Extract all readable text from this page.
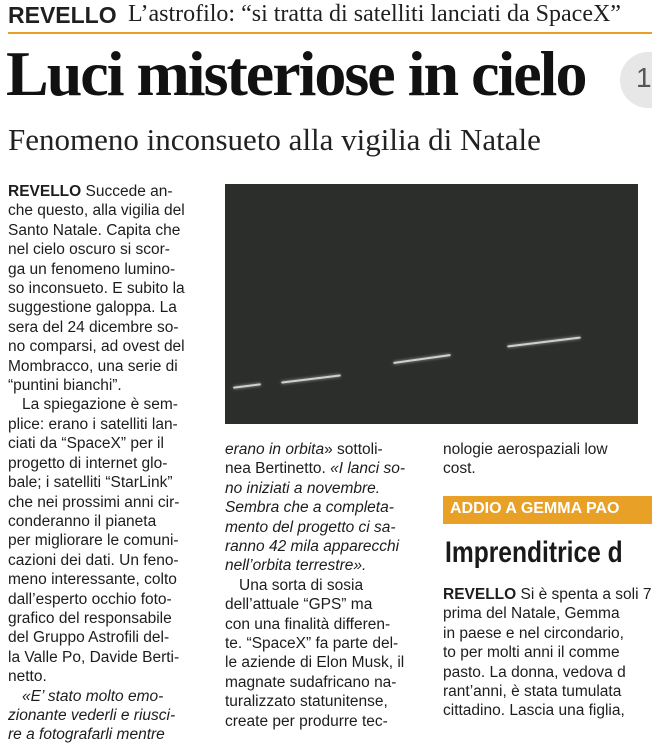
REVELLO L’astrofilo: “si tratta di satelliti lanciati da SpaceX”
Luci misteriose in cielo 1
Fenomeno inconsueto alla vigilia di Natale

REVELLO Succede an-
che questo, alla vigilia del
Santo Natale. Capita che
nel cielo oscuro si scor-
ga un fenomeno lumino-
so inconsueto. E subito la
suggestione galoppa. La
sera del 24 dicembre so-
no comparsi, ad ovest del
Mombracco, una serie di
“puntini bianchi”.

La spiegazione è sem-
plice: erano i satelliti lan-
ciati da “SpaceX” per il
progetto di internet glo-
bale; i satelliti “StarLink”
che nei prossimi anni cir-
conderanno il pianeta
per migliorare le comuni-
cazioni dei dati. Un feno-
meno interessante, colto
dall’esperto occhio foto-
grafico del responsabile
del Gruppo Astrofili del-
la Valle Po, Davide Berti-
netto.

«E’ stato molto emo-
zionante vederli e riusci-
re a fotografarli mentre

erano in orbita» sottoli-
nea Bertinetto. «I lanci so-
no iniziati a novembre.
Sembra che a completa-
mento del progetto ci sa-
ranno 42 mila apparecchi
nell’orbita terrestre».

Una sorta di sosia
dell’attuale “GPS” ma
con una finalità differen-
te. “SpaceX” fa parte del-
le aziende di Elon Musk, il
magnate sudafricano na-
turalizzato statunitense,
create per produrre tec-

nologie aerospaziali low
cost.
ADDIO A GEMMA PAO
Imprenditrice d
REVELLO Si è spenta a soli 7
prima del Natale, Gemma
in paese e nel circondario,
to per molti anni il comme
pasto. La donna, vedova d
rant’anni, è stata tumulata
cittadino. Lascia una figlia,
